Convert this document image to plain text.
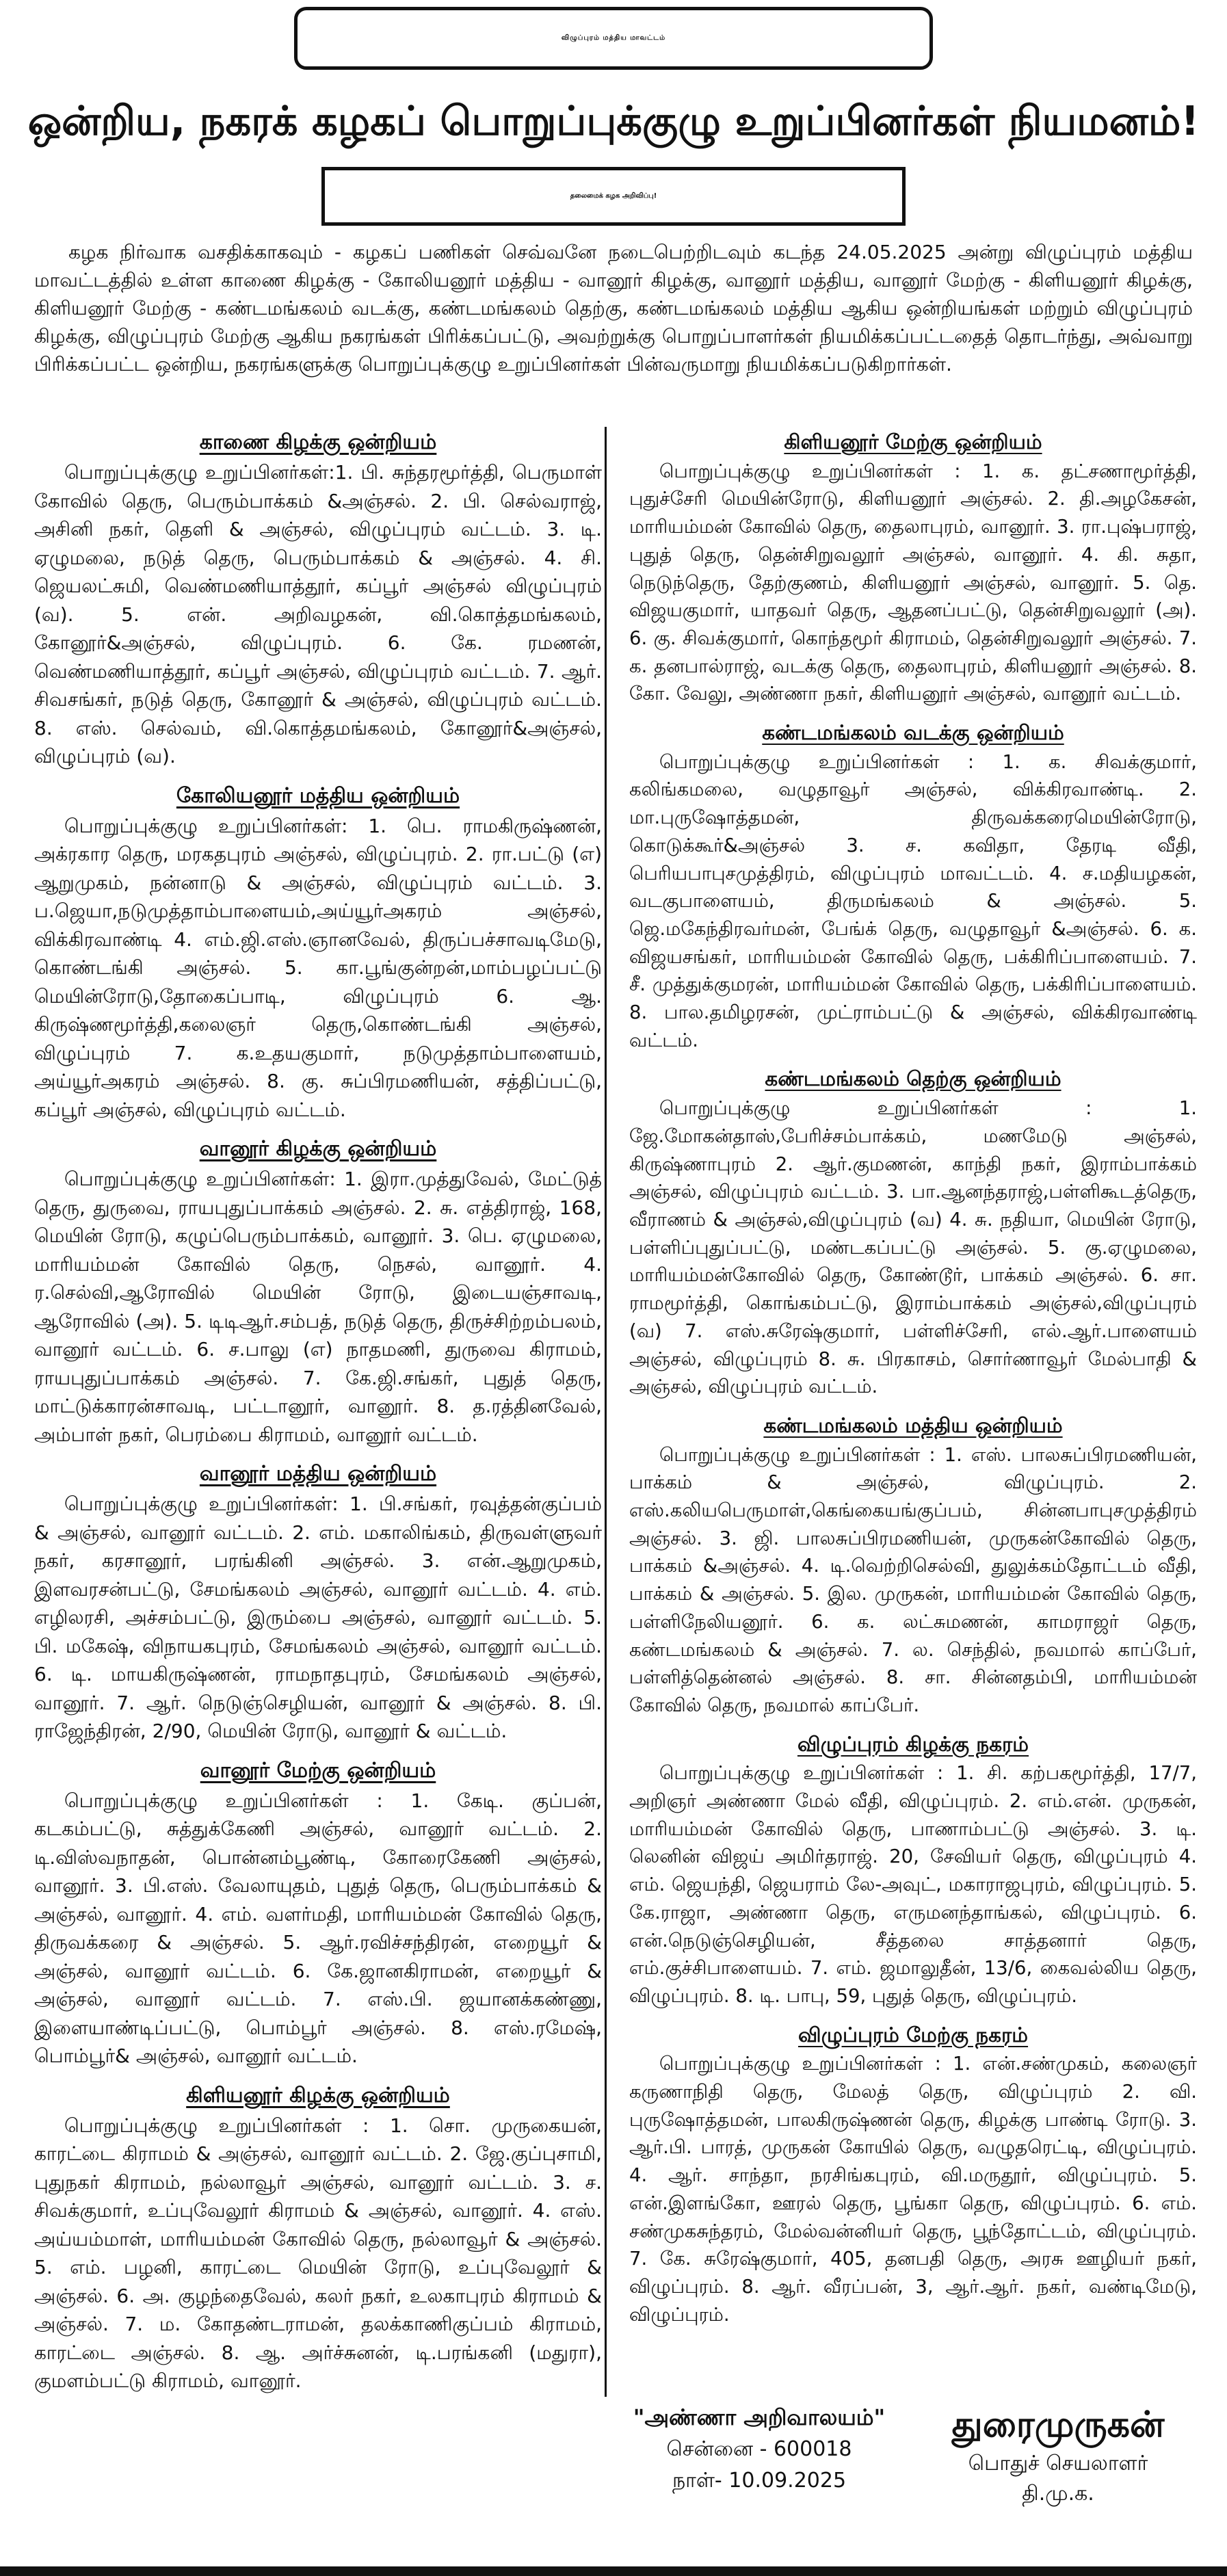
விழுப்புரம் மத்திய மாவட்டம்
ஒன்றிய, நகரக் கழகப் பொறுப்புக்குழு உறுப்பினர்கள் நியமனம்!
தலைமைக் கழக அறிவிப்பு!
கழக நிர்வாக வசதிக்காகவும் - கழகப் பணிகள் செவ்வனே நடைபெற்றிடவும் கடந்த 24.05.2025 அன்று விழுப்புரம் மத்திய மாவட்டத்தில் உள்ள காணை கிழக்கு - கோலியனூர் மத்திய - வானூர் கிழக்கு, வானூர் மத்திய, வானூர் மேற்கு - கிளியனூர் கிழக்கு, கிளியனூர் மேற்கு - கண்டமங்கலம் வடக்கு, கண்டமங்கலம் தெற்கு, கண்டமங்கலம் மத்திய ஆகிய ஒன்றியங்கள் மற்றும் விழுப்புரம் கிழக்கு, விழுப்புரம் மேற்கு ஆகிய நகரங்கள் பிரிக்கப்பட்டு, அவற்றுக்கு பொறுப்பாளர்கள் நியமிக்கப்பட்டதைத் தொடர்ந்து, அவ்வாறு பிரிக்கப்பட்ட ஒன்றிய, நகரங்களுக்கு பொறுப்புக்குழு உறுப்பினர்கள் பின்வருமாறு நியமிக்கப்படுகிறார்கள்.
காணை கிழக்கு ஒன்றியம்
பொறுப்புக்குழு உறுப்பினர்கள்:1. பி. சுந்தரமூர்த்தி, பெருமாள் கோவில் தெரு, பெரும்பாக்கம் &அஞ்சல். 2. பி. செல்வராஜ், அசினி நகர், தெளி & அஞ்சல், விழுப்புரம் வட்டம். 3. டி. ஏழுமலை, நடுத் தெரு, பெரும்பாக்கம் & அஞ்சல். 4. சி. ஜெயலட்சுமி, வெண்மணியாத்தூர், கப்பூர் அஞ்சல் விழுப்புரம் (வ). 5. என். அறிவழகன், வி.கொத்தமங்கலம், கோனூர்&அஞ்சல், விழுப்புரம். 6. கே. ரமணன், வெண்மணியாத்தூர், கப்பூர் அஞ்சல், விழுப்புரம் வட்டம். 7. ஆர். சிவசங்கர், நடுத் தெரு, கோனூர் & அஞ்சல், விழுப்புரம் வட்டம். 8. எஸ். செல்வம், வி.கொத்தமங்கலம், கோனூர்&அஞ்சல், விழுப்புரம் (வ).
கோலியனூர் மத்திய ஒன்றியம்
பொறுப்புக்குழு உறுப்பினர்கள்: 1. பெ. ராமகிருஷ்ணன், அக்ரகார தெரு, மரகதபுரம் அஞ்சல், விழுப்புரம். 2. ரா.பட்டு (எ) ஆறுமுகம், நன்னாடு & அஞ்சல், விழுப்புரம் வட்டம். 3. ப.ஜெயா,நடுமுத்தாம்பாளையம்,அய்யூர்அகரம் அஞ்சல், விக்கிரவாண்டி 4. எம்.ஜி.எஸ்.ஞானவேல், திருப்பச்சாவடிமேடு, கொண்டங்கி அஞ்சல். 5. கா.பூங்குன்றன்,மாம்பழப்பட்டு மெயின்ரோடு,தோகைப்பாடி, விழுப்புரம் 6. ஆ. கிருஷ்ணமூர்த்தி,கலைஞர் தெரு,கொண்டங்கி அஞ்சல், விழுப்புரம் 7. க.உதயகுமார், நடுமுத்தாம்பாளையம், அய்யூர்அகரம் அஞ்சல். 8. கு. சுப்பிரமணியன், சத்திப்பட்டு, கப்பூர் அஞ்சல், விழுப்புரம் வட்டம்.
வானூர் கிழக்கு ஒன்றியம்
பொறுப்புக்குழு உறுப்பினர்கள்: 1. இரா.முத்துவேல், மேட்டுத் தெரு, துருவை, ராயபுதுப்பாக்கம் அஞ்சல். 2. சு. எத்திராஜ், 168, மெயின் ரோடு, கழுப்பெரும்பாக்கம், வானூர். 3. பெ. ஏழுமலை, மாரியம்மன் கோவில் தெரு, நெசல், வானூர். 4. ர.செல்வி,ஆரோவில் மெயின் ரோடு, இடையஞ்சாவடி, ஆரோவில் (அ). 5. டிடிஆர்.சம்பத், நடுத் தெரு, திருச்சிற்றம்பலம், வானூர் வட்டம். 6. ச.பாலு (எ) நாதமணி, துருவை கிராமம், ராயபுதுப்பாக்கம் அஞ்சல். 7. கே.ஜி.சங்கர், புதுத் தெரு, மாட்டுக்காரன்சாவடி, பட்டானூர், வானூர். 8. த.ரத்தினவேல், அம்பாள் நகர், பெரம்பை கிராமம், வானூர் வட்டம்.
வானூர் மத்திய ஒன்றியம்
பொறுப்புக்குழு உறுப்பினர்கள்: 1. பி.சங்கர், ரவுத்தன்குப்பம் & அஞ்சல், வானூர் வட்டம். 2. எம். மகாலிங்கம், திருவள்ளுவர் நகர், கரசானூர், பரங்கினி அஞ்சல். 3. என்.ஆறுமுகம், இளவரசன்பட்டு, சேமங்கலம் அஞ்சல், வானூர் வட்டம். 4. எம். எழிலரசி, அச்சம்பட்டு, இரும்பை அஞ்சல், வானூர் வட்டம். 5. பி. மகேஷ், விநாயகபுரம், சேமங்கலம் அஞ்சல், வானூர் வட்டம். 6. டி. மாயகிருஷ்ணன், ராமநாதபுரம், சேமங்கலம் அஞ்சல், வானூர். 7. ஆர். நெடுஞ்செழியன், வானூர் & அஞ்சல். 8. பி. ராஜேந்திரன், 2/90, மெயின் ரோடு, வானூர் & வட்டம்.
வானூர் மேற்கு ஒன்றியம்
பொறுப்புக்குழு உறுப்பினர்கள் : 1. கேடி. குப்பன், கடகம்பட்டு, சுத்துக்கேணி அஞ்சல், வானூர் வட்டம். 2. டி.விஸ்வநாதன், பொன்னம்பூண்டி, கோரைகேணி அஞ்சல், வானூர். 3. பி.எஸ். வேலாயுதம், புதுத் தெரு, பெரும்பாக்கம் & அஞ்சல், வானூர். 4. எம். வளர்மதி, மாரியம்மன் கோவில் தெரு, திருவக்கரை & அஞ்சல். 5. ஆர்.ரவிச்சந்திரன், எறையூர் & அஞ்சல், வானூர் வட்டம். 6. கே.ஜானகிராமன், எறையூர் & அஞ்சல், வானூர் வட்டம். 7. எஸ்.பி. ஜயானக்கண்ணு, இளையாண்டிப்பட்டு, பொம்பூர் அஞ்சல். 8. எஸ்.ரமேஷ், பொம்பூர்& அஞ்சல், வானூர் வட்டம்.
கிளியனூர் கிழக்கு ஒன்றியம்
பொறுப்புக்குழு உறுப்பினர்கள் : 1. சொ. முருகையன், காரட்டை கிராமம் & அஞ்சல், வானூர் வட்டம். 2. ஜே.குப்புசாமி, புதுநகர் கிராமம், நல்லாவூர் அஞ்சல், வானூர் வட்டம். 3. ச. சிவக்குமார், உப்புவேலூர் கிராமம் & அஞ்சல், வானூர். 4. எஸ். அய்யம்மாள், மாரியம்மன் கோவில் தெரு, நல்லாவூர் & அஞ்சல். 5. எம். பழனி, காரட்டை மெயின் ரோடு, உப்புவேலூர் & அஞ்சல். 6. அ. குழந்தைவேல், கலர் நகர், உலகாபுரம் கிராமம் & அஞ்சல். 7. ம. கோதண்டராமன், தலக்காணிகுப்பம் கிராமம், காரட்டை அஞ்சல். 8. ஆ. அர்ச்சுனன், டி.பரங்கனி (மதுரா), குமளம்பட்டு கிராமம், வானூர்.
கிளியனூர் மேற்கு ஒன்றியம்
பொறுப்புக்குழு உறுப்பினர்கள் : 1. க. தட்சணாமூர்த்தி, புதுச்சேரி மெயின்ரோடு, கிளியனூர் அஞ்சல். 2. தி.அழகேசன், மாரியம்மன் கோவில் தெரு, தைலாபுரம், வானூர். 3. ரா.புஷ்பராஜ், புதுத் தெரு, தென்சிறுவலூர் அஞ்சல், வானூர். 4. கி. சுதா, நெடுந்தெரு, தேற்குணம், கிளியனூர் அஞ்சல், வானூர். 5. தெ. விஜயகுமார், யாதவர் தெரு, ஆதனப்பட்டு, தென்சிறுவலூர் (அ). 6. கு. சிவக்குமார், கொந்தமூர் கிராமம், தென்சிறுவலூர் அஞ்சல். 7. க. தனபால்ராஜ், வடக்கு தெரு, தைலாபுரம், கிளியனூர் அஞ்சல். 8. கோ. வேலு, அண்ணா நகர், கிளியனூர் அஞ்சல், வானூர் வட்டம்.
கண்டமங்கலம் வடக்கு ஒன்றியம்
பொறுப்புக்குழு உறுப்பினர்கள் : 1. க. சிவக்குமார், கலிங்கமலை, வழுதாவூர் அஞ்சல், விக்கிரவாண்டி. 2. மா.புருஷோத்தமன், திருவக்கரைமெயின்ரோடு, கொடுக்கூர்&அஞ்சல் 3. ச. கவிதா, தேரடி வீதி, பெரியபாபுசமுத்திரம், விழுப்புரம் மாவட்டம். 4. ச.மதியழகன், வடகுபாளையம், திருமங்கலம் & அஞ்சல். 5. ஜெ.மகேந்திரவர்மன், பேங்க் தெரு, வழுதாவூர் &அஞ்சல். 6. க. விஜயசங்கர், மாரியம்மன் கோவில் தெரு, பக்கிரிப்பாளையம். 7. சீ. முத்துக்குமரன், மாரியம்மன் கோவில் தெரு, பக்கிரிப்பாளையம். 8. பால.தமிழரசன், முட்ராம்பட்டு & அஞ்சல், விக்கிரவாண்டி வட்டம்.
கண்டமங்கலம் தெற்கு ஒன்றியம்
பொறுப்புக்குழு உறுப்பினர்கள் : 1. ஜே.மோகன்தாஸ்,பேரிச்சம்பாக்கம், மணமேடு அஞ்சல், கிருஷ்ணாபுரம் 2. ஆர்.குமணன், காந்தி நகர், இராம்பாக்கம் அஞ்சல், விழுப்புரம் வட்டம். 3. பா.ஆனந்தராஜ்,பள்ளிகூடத்தெரு, வீராணம் & அஞ்சல்,விழுப்புரம் (வ) 4. சு. நதியா, மெயின் ரோடு, பள்ளிப்புதுப்பட்டு, மண்டகப்பட்டு அஞ்சல். 5. கு.ஏழுமலை, மாரியம்மன்கோவில் தெரு, கோண்டூர், பாக்கம் அஞ்சல். 6. சா. ராமமூர்த்தி, கொங்கம்பட்டு, இராம்பாக்கம் அஞ்சல்,விழுப்புரம் (வ) 7. எஸ்.சுரேஷ்குமார், பள்ளிச்சேரி, எல்.ஆர்.பாளையம் அஞ்சல், விழுப்புரம் 8. சு. பிரகாசம், சொர்ணாவூர் மேல்பாதி & அஞ்சல், விழுப்புரம் வட்டம்.
கண்டமங்கலம் மத்திய ஒன்றியம்
பொறுப்புக்குழு உறுப்பினர்கள் : 1. எஸ். பாலசுப்பிரமணியன், பாக்கம் & அஞ்சல், விழுப்புரம். 2. எஸ்.கலியபெருமாள்,கெங்கையங்குப்பம், சின்னபாபுசமுத்திரம் அஞ்சல். 3. ஜி. பாலசுப்பிரமணியன், முருகன்கோவில் தெரு, பாக்கம் &அஞ்சல். 4. டி.வெற்றிசெல்வி, துலுக்கம்தோட்டம் வீதி, பாக்கம் & அஞ்சல். 5. இல. முருகன், மாரியம்மன் கோவில் தெரு, பள்ளிநேலியனூர். 6. க. லட்சுமணன், காமராஜர் தெரு, கண்டமங்கலம் & அஞ்சல். 7. ல. செந்தில், நவமால் காப்பேர், பள்ளித்தென்னல் அஞ்சல். 8. சா. சின்னதம்பி, மாரியம்மன் கோவில் தெரு, நவமால் காப்பேர்.
விழுப்புரம் கிழக்கு நகரம்
பொறுப்புக்குழு உறுப்பினர்கள் : 1. சி. கற்பகமூர்த்தி, 17/7, அறிஞர் அண்ணா மேல் வீதி, விழுப்புரம். 2. எம்.என். முருகன், மாரியம்மன் கோவில் தெரு, பாணாம்பட்டு அஞ்சல். 3. டி. லெனின் விஜய் அமிர்தராஜ். 20, சேவியர் தெரு, விழுப்புரம் 4. எம். ஜெயந்தி, ஜெயராம் லே-அவுட், மகாராஜபுரம், விழுப்புரம். 5. கே.ராஜா, அண்ணா தெரு, எருமனந்தாங்கல், விழுப்புரம். 6. என்.நெடுஞ்செழியன், சீத்தலை சாத்தனார் தெரு, எம்.குச்சிபாளையம். 7. எம். ஜமாலுதீன், 13/6, கைவல்லிய தெரு, விழுப்புரம். 8. டி. பாபு, 59, புதுத் தெரு, விழுப்புரம்.
விழுப்புரம் மேற்கு நகரம்
பொறுப்புக்குழு உறுப்பினர்கள் : 1. என்.சண்முகம், கலைஞர் கருணாநிதி தெரு, மேலத் தெரு, விழுப்புரம் 2. வி. புருஷோத்தமன், பாலகிருஷ்ணன் தெரு, கிழக்கு பாண்டி ரோடு. 3. ஆர்.பி. பாரத், முருகன் கோயில் தெரு, வழுதரெட்டி, விழுப்புரம். 4. ஆர். சாந்தா, நரசிங்கபுரம், வி.மருதூர், விழுப்புரம். 5. என்.இளங்கோ, ஊரல் தெரு, பூங்கா தெரு, விழுப்புரம். 6. எம். சண்முகசுந்தரம், மேல்வன்னியர் தெரு, பூந்தோட்டம், விழுப்புரம். 7. கே. சுரேஷ்குமார், 405, தனபதி தெரு, அரசு ஊழியர் நகர், விழுப்புரம். 8. ஆர். வீரப்பன், 3, ஆர்.ஆர். நகர், வண்டிமேடு, விழுப்புரம்.
"அண்ணா அறிவாலயம்"
சென்னை - 600018
நாள்- 10.09.2025
துரைமுருகன்
பொதுச் செயலாளர்
தி.மு.க.
